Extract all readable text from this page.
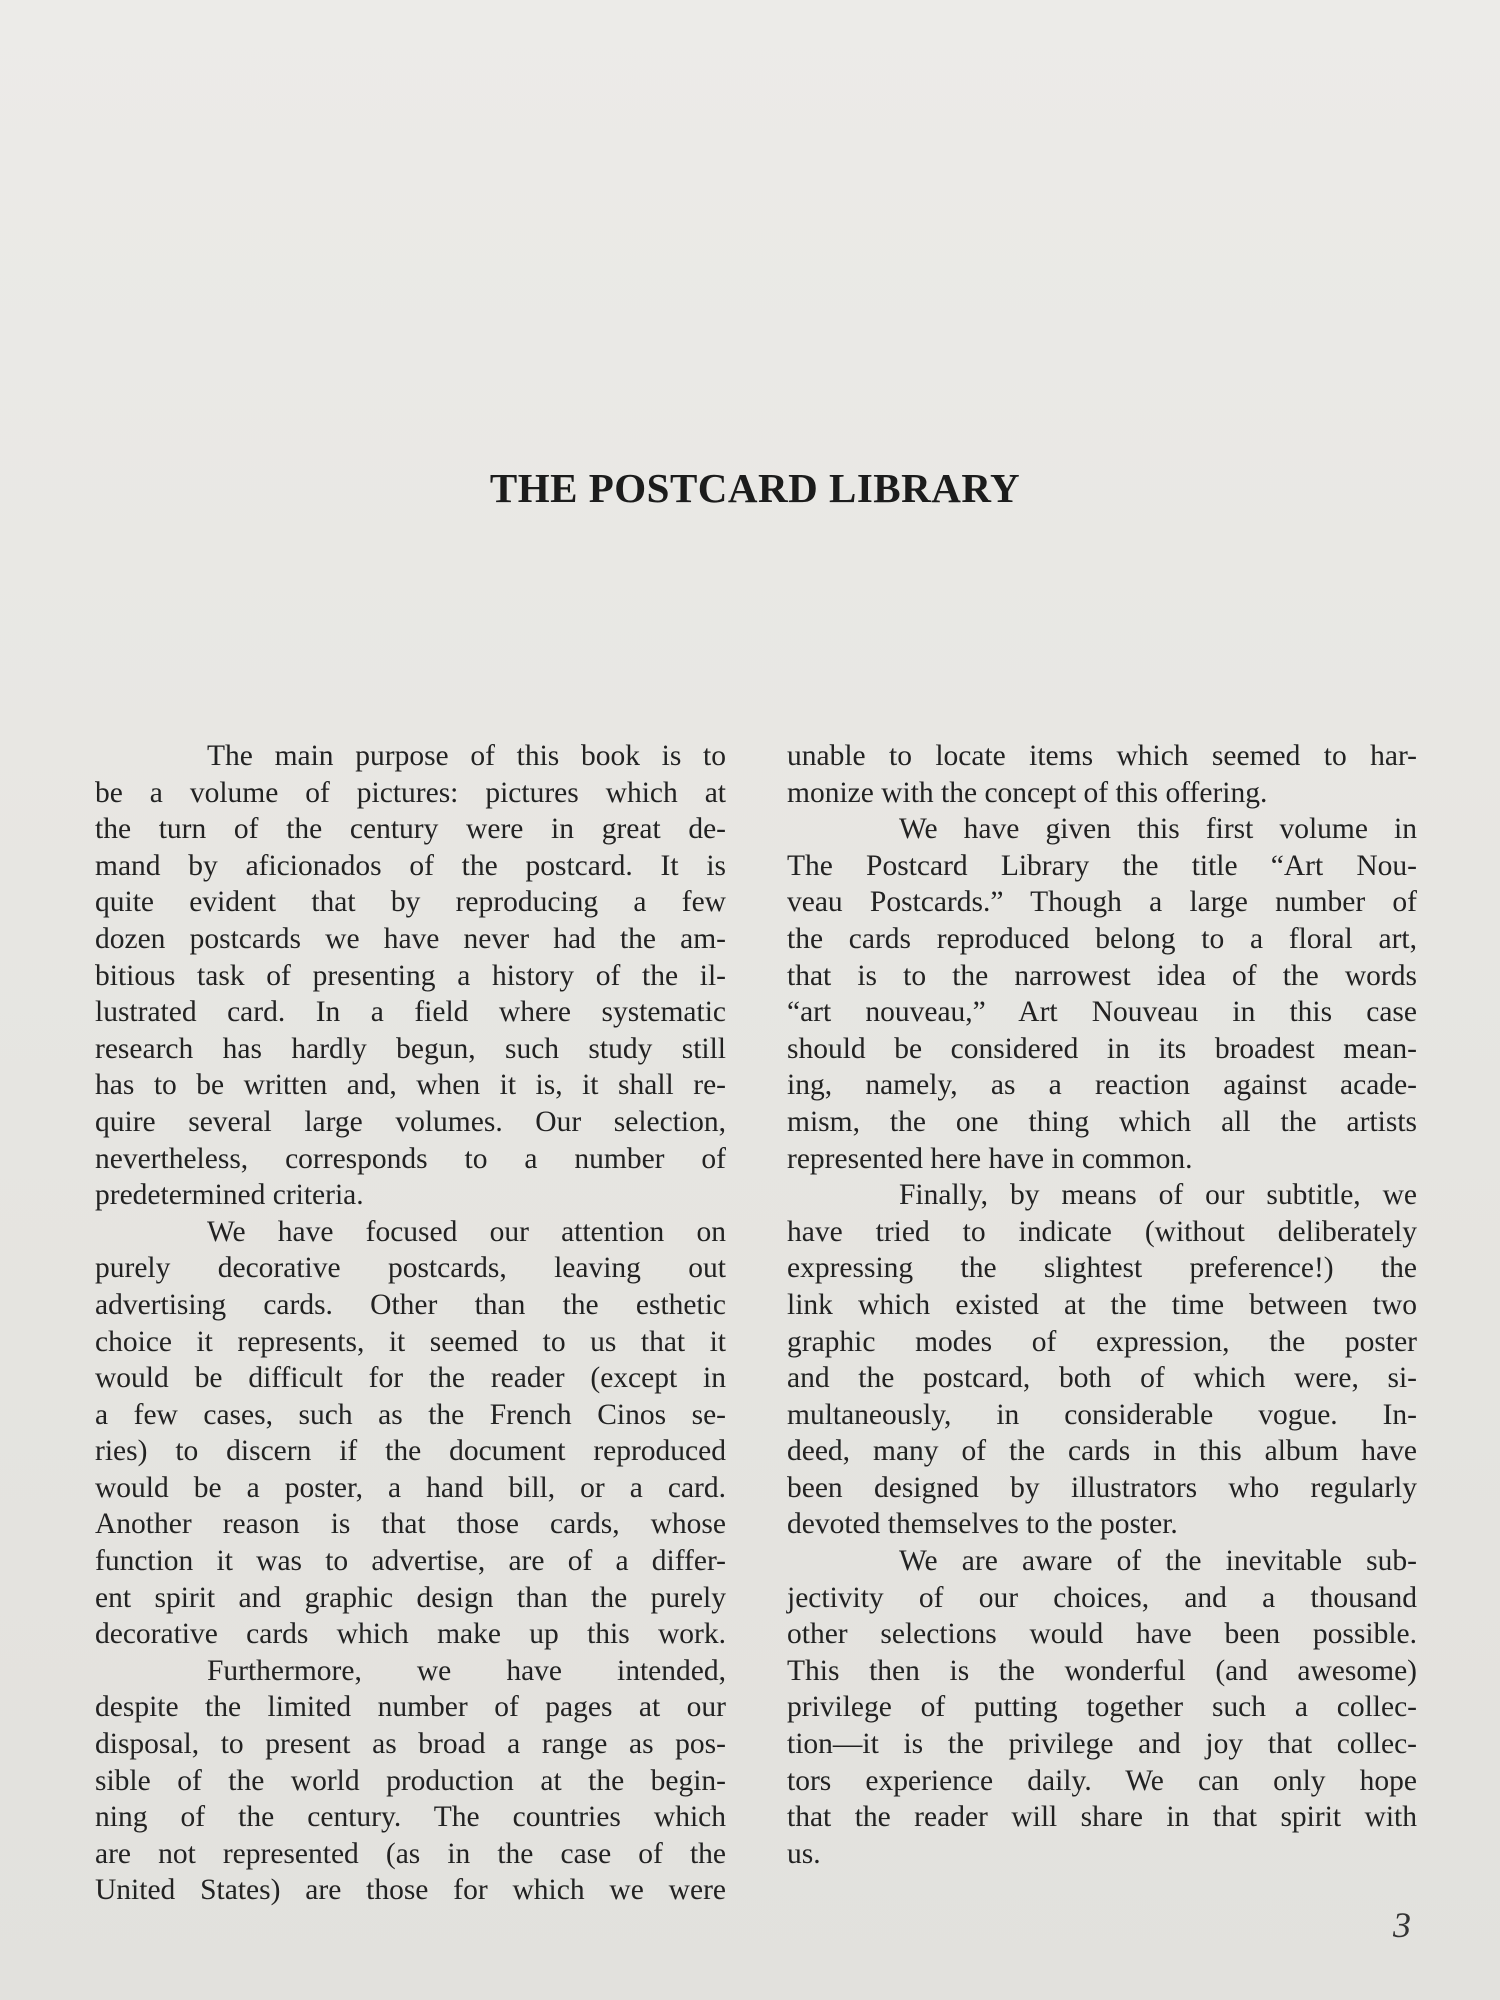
THE POSTCARD LIBRARY
The main purpose of this book is to
be a volume of pictures: pictures which at
the turn of the century were in great de-
mand by aficionados of the postcard. It is
quite evident that by reproducing a few
dozen postcards we have never had the am-
bitious task of presenting a history of the il-
lustrated card. In a field where systematic
research has hardly begun, such study still
has to be written and, when it is, it shall re-
quire several large volumes. Our selection,
nevertheless, corresponds to a number of
predetermined criteria.
We have focused our attention on
purely decorative postcards, leaving out
advertising cards. Other than the esthetic
choice it represents, it seemed to us that it
would be difficult for the reader (except in
a few cases, such as the French Cinos se-
ries) to discern if the document reproduced
would be a poster, a hand bill, or a card.
Another reason is that those cards, whose
function it was to advertise, are of a differ-
ent spirit and graphic design than the purely
decorative cards which make up this work.
Furthermore, we have intended,
despite the limited number of pages at our
disposal, to present as broad a range as pos-
sible of the world production at the begin-
ning of the century. The countries which
are not represented (as in the case of the
United States) are those for which we were
unable to locate items which seemed to har-
monize with the concept of this offering.
We have given this first volume in
The Postcard Library the title “Art Nou-
veau Postcards.” Though a large number of
the cards reproduced belong to a floral art,
that is to the narrowest idea of the words
“art nouveau,” Art Nouveau in this case
should be considered in its broadest mean-
ing, namely, as a reaction against acade-
mism, the one thing which all the artists
represented here have in common.
Finally, by means of our subtitle, we
have tried to indicate (without deliberately
expressing the slightest preference!) the
link which existed at the time between two
graphic modes of expression, the poster
and the postcard, both of which were, si-
multaneously, in considerable vogue. In-
deed, many of the cards in this album have
been designed by illustrators who regularly
devoted themselves to the poster.
We are aware of the inevitable sub-
jectivity of our choices, and a thousand
other selections would have been possible.
This then is the wonderful (and awesome)
privilege of putting together such a collec-
tion—it is the privilege and joy that collec-
tors experience daily. We can only hope
that the reader will share in that spirit with
us.
3
